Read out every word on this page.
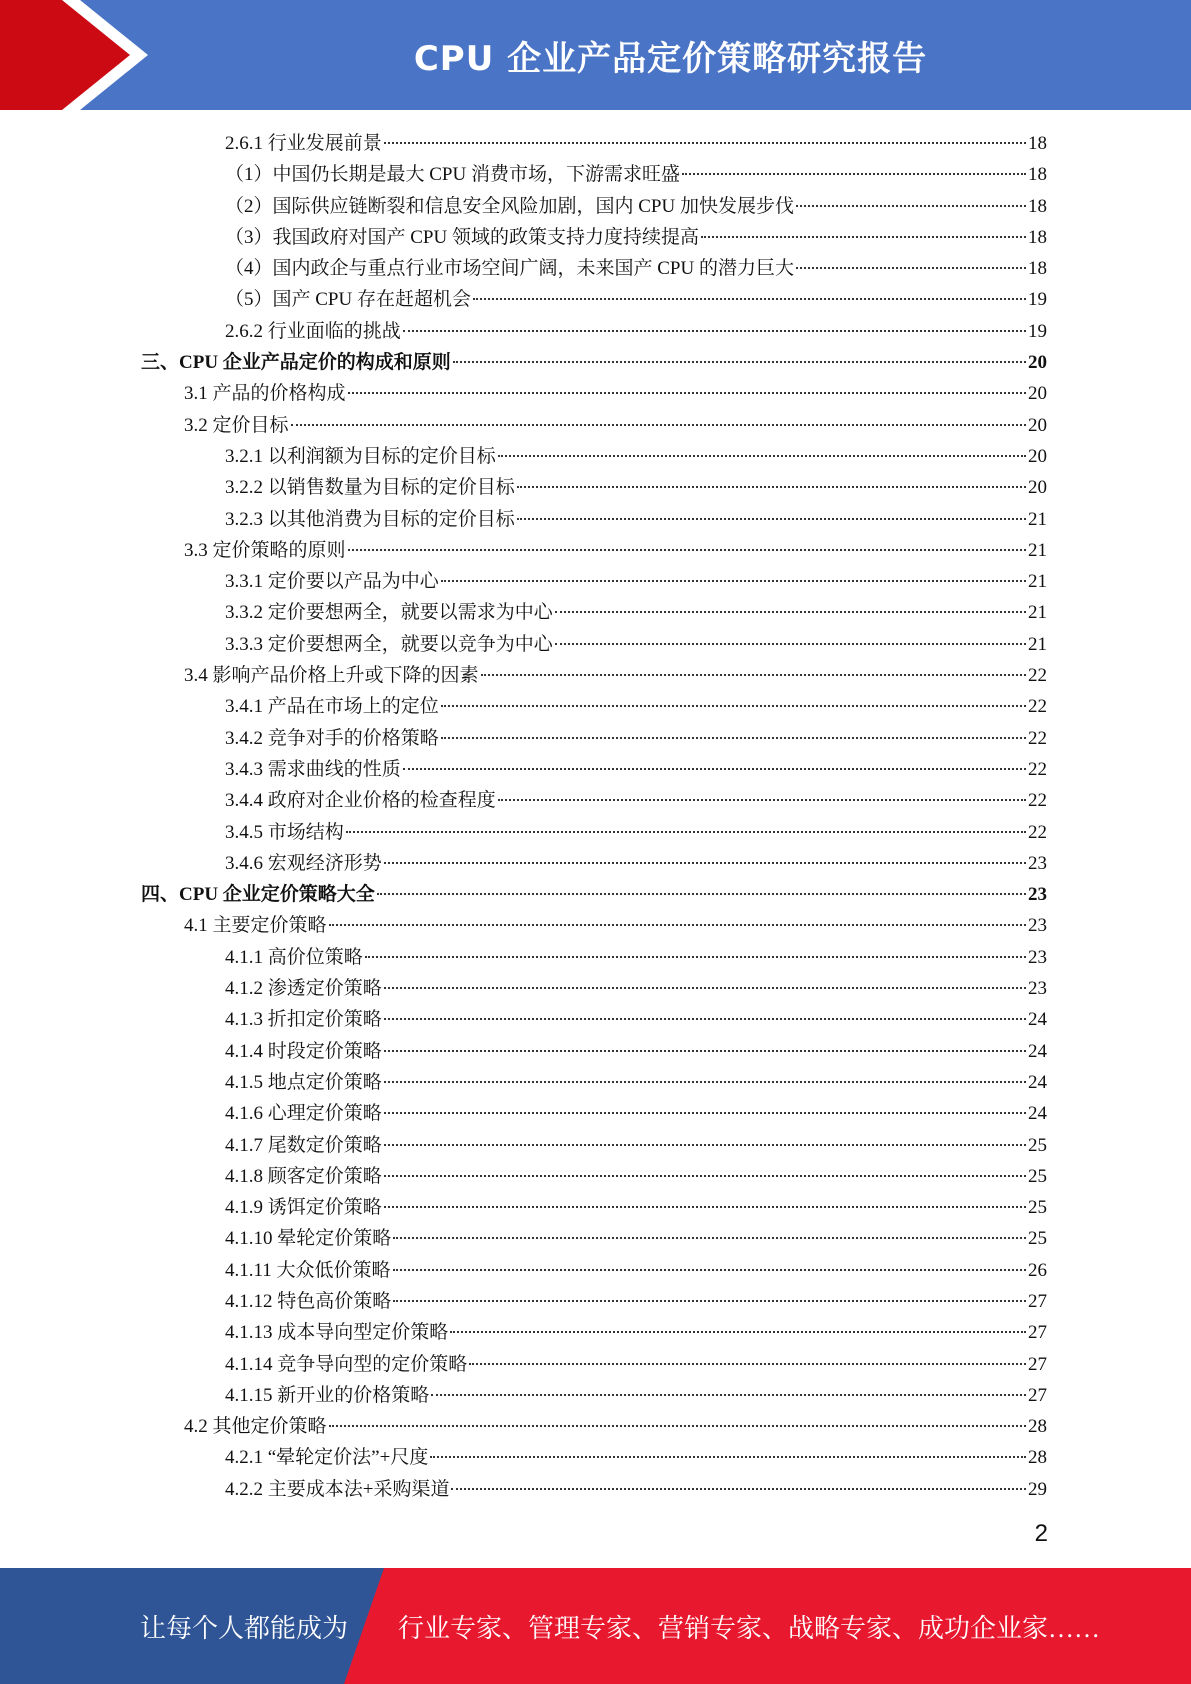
CPU 企业产品定价策略研究报告
2.6.1 行业发展前景	18
（1）中国仍长期是最大 CPU 消费市场，下游需求旺盛	18
（2）国际供应链断裂和信息安全风险加剧，国内 CPU 加快发展步伐	18
（3）我国政府对国产 CPU 领域的政策支持力度持续提高	18
（4）国内政企与重点行业市场空间广阔，未来国产 CPU 的潜力巨大	18
（5）国产 CPU 存在赶超机会	19
2.6.2 行业面临的挑战	19
三、CPU 企业产品定价的构成和原则	20
3.1 产品的价格构成	20
3.2 定价目标	20
3.2.1 以利润额为目标的定价目标	20
3.2.2 以销售数量为目标的定价目标	20
3.2.3 以其他消费为目标的定价目标	21
3.3 定价策略的原则	21
3.3.1 定价要以产品为中心	21
3.3.2 定价要想两全，就要以需求为中心	21
3.3.3 定价要想两全，就要以竞争为中心	21
3.4 影响产品价格上升或下降的因素	22
3.4.1 产品在市场上的定位	22
3.4.2 竞争对手的价格策略	22
3.4.3 需求曲线的性质	22
3.4.4 政府对企业价格的检查程度	22
3.4.5 市场结构	22
3.4.6 宏观经济形势	23
四、CPU 企业定价策略大全	23
4.1 主要定价策略	23
4.1.1 高价位策略	23
4.1.2 渗透定价策略	23
4.1.3 折扣定价策略	24
4.1.4 时段定价策略	24
4.1.5 地点定价策略	24
4.1.6 心理定价策略	24
4.1.7 尾数定价策略	25
4.1.8 顾客定价策略	25
4.1.9 诱饵定价策略	25
4.1.10 晕轮定价策略	25
4.1.11 大众低价策略	26
4.1.12 特色高价策略	27
4.1.13 成本导向型定价策略	27
4.1.14 竞争导向型的定价策略	27
4.1.15 新开业的价格策略	27
4.2 其他定价策略	28
4.2.1 “晕轮定价法”+尺度	28
4.2.2 主要成本法+采购渠道	29
2
让每个人都能成为 行业专家、管理专家、营销专家、战略专家、成功企业家……
